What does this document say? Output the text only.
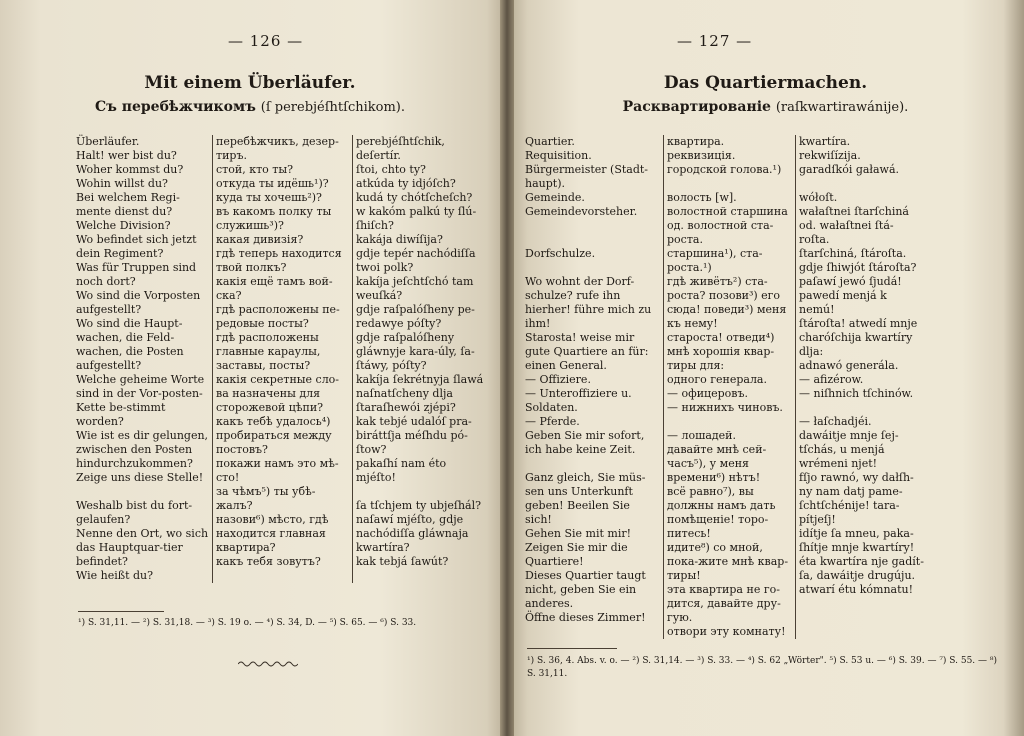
— 126 —
Mit einem Überläufer.
Съ перебѣжчикомъ (ſ perebjéſhtſchikom).
Überläufer.
Halt! wer bist du?
Woher kommst du?
Wohin willst du?
Bei welchem Regi-mente dienst du?
Welche Division?
Wo befindet sich jetzt dein Regiment?
Was für Truppen sind noch dort?
Wo sind die Vorposten aufgestellt?
Wo sind die Haupt-wachen, die Feld-wachen, die Posten aufgestellt?
Welche geheime Worte sind in der Vor-posten-Kette be-stimmt worden?
Wie ist es dir gelungen, zwischen den Posten hindurchzukommen?
Zeige uns diese Stelle!
Weshalb bist du fort-gelaufen?
Nenne den Ort, wo sich das Hauptquar-tier befindet?
Wie heißt du?
перебѣжчикъ, дезер-тиръ.
стой, кто ты?
откуда ты идёшь¹)?
куда ты хочешь²)?
въ какомъ полку ты служишь³)?
какая дивизія?
гдѣ теперь находится твой полкъ?
какія ещё тамъ вой-ска?
гдѣ расположены пе-редовые посты?
гдѣ расположены главные караулы, заставы, посты?
какія секретные сло-ва назначены для сторожевой цѣпи?
какъ тебѣ удалось⁴) пробираться между постовъ?
покажи намъ это мѣ-сто!
за чѣмъ⁵) ты убѣ-жалъ?
назови⁶) мѣсто, гдѣ находится главная квартира?
какъ тебя зовутъ?
perebjéſhtſchik, deſertír.
ſtoi, chto ty?
atkúda ty idjóſch?
kudá ty chótſcheſch?
w kakóm palkú ty ſlú-ſhiſch?
kakája diwíſija?
gdje tepér nachódiſſa twoi polk?
kakíja jeſchtſchó tam weuſká?
gdje raſpalóſheny pe-redawye póſty?
gdje raſpalóſheny gláwnyje kara-úly, ſa-ſtáwy, póſty?
kakíja ſekrétnyja ſlawá naſnatſcheny dlja ſtaraſhewói zjépi?
kak tebjé udalóſ pra-biráttſja méſhdu pó-ſtow?
pakaſhí nam éto mjéſto!
ſa tſchjem ty ubjeſhál?
naſawí mjéſto, gdje nachódiſſa gláwnaja kwartíra?
kak tebjá ſawút?
¹) S. 31,11. — ²) S. 31,18. — ³) S. 19 o. — ⁴) S. 34, D. — ⁵) S. 65. — ⁶) S. 33.
— 127 —
Das Quartiermachen.
Расквартированіе (raſkwartirawánije).
Quartier.
Requisition.
Bürgermeister (Stadt-haupt).
Gemeinde.
Gemeindevorsteher.
Dorfschulze.
Wo wohnt der Dorf-schulze? rufe ihn hierher! führe mich zu ihm!
Starosta! weise mir gute Quartiere an für:
einen General.
— Offiziere.
— Unteroffiziere u. Soldaten.
— Pferde.
Geben Sie mir sofort, ich habe keine Zeit.
Ganz gleich, Sie müs-sen uns Unterkunft geben! Beeilen Sie sich!
Gehen Sie mit mir! Zeigen Sie mir die Quartiere!
Dieses Quartier taugt nicht, geben Sie ein anderes.
Öffne dieses Zimmer!
квартира.
реквизиція.
городской голова.¹)
волость [w].
волостной старшина од. волостной ста-роста.
старшина¹), ста-роста.¹)
гдѣ живётъ²) ста-роста? позови³) его сюда! поведи³) меня къ нему!
староста! отведи⁴) мнѣ хорошія квар-тиры для:
одного генерала.
— офицеровъ.
— нижнихъ чиновъ.
— лошадей.
давайте мнѣ сей-часъ⁵), у меня времени⁶) нѣтъ!
всё равно⁷), вы должны намъ дать помѣщеніе! торо-питесь!
идите⁸) со мной, пока-жите мнѣ квар-тиры!
эта квартира не го-дится, давайте дру-гую.
отвори эту комнату!
kwartíra.
rekwiſízija.
garadſkói gaławá.
wółoſt.
wałaſtnei ſtarſchiná od. wałaſtnei ſtá-roſta.
ſtarſchiná, ſtároſta.
gdje ſhiwjót ſtároſta? paſawí jewó ſjudá! pawedí menjá k nemú!
ſtároſta! atwedí mnje charóſchija kwartíry dlja:
adnawó generála.
— afizérow.
— niſhnich tſchinów.
— łaſchadjéi.
dawáitje mnje ſej-tſchás, u menjá wrémeni njet!
fſjo rawnó, wy dałſh-ny nam datj pame-ſchtſchénije! tara-pítjeſj!
idítje ſa mneu, paka-ſhítje mnje kwartíry!
éta kwartíra nje gadít-ſa, dawáitje drugúju.
atwarí étu kómnatu!
¹) S. 36, 4. Abs. v. o. — ²) S. 31,14. — ³) S. 33. — ⁴) S. 62 „Wörter". ⁵) S. 53 u. — ⁶) S. 39. — ⁷) S. 55. — ⁸) S. 31,11.
